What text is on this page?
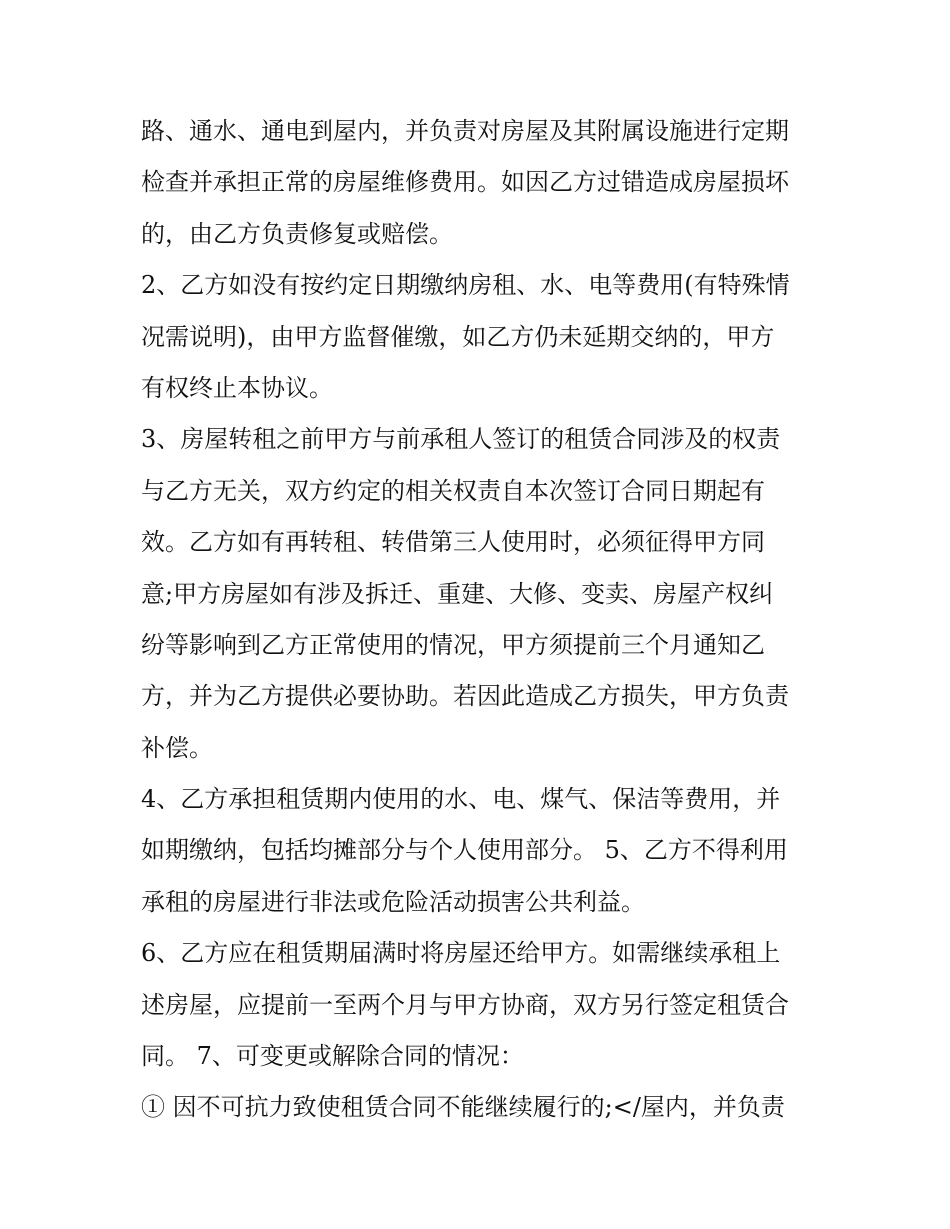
路、通水、通电到屋内，并负责对房屋及其附属设施进行定期
检查并承担正常的房屋维修费用。如因乙方过错造成房屋损坏
的，由乙方负责修复或赔偿。
2、乙方如没有按约定日期缴纳房租、水、电等费用(有特殊情
况需说明)，由甲方监督催缴，如乙方仍未延期交纳的，甲方
有权终止本协议。
3、房屋转租之前甲方与前承租人签订的租赁合同涉及的权责
与乙方无关，双方约定的相关权责自本次签订合同日期起有
效。乙方如有再转租、转借第三人使用时，必须征得甲方同
意;甲方房屋如有涉及拆迁、重建、大修、变卖、房屋产权纠
纷等影响到乙方正常使用的情况，甲方须提前三个月通知乙
方，并为乙方提供必要协助。若因此造成乙方损失，甲方负责
补偿。
4、乙方承担租赁期内使用的水、电、煤气、保洁等费用，并
如期缴纳，包括均摊部分与个人使用部分。 5、乙方不得利用
承租的房屋进行非法或危险活动损害公共利益。
6、乙方应在租赁期届满时将房屋还给甲方。如需继续承租上
述房屋，应提前一至两个月与甲方协商，双方另行签定租赁合
同。 7、可变更或解除合同的情况：
① 因不可抗力致使租赁合同不能继续履行的;</屋内，并负责
